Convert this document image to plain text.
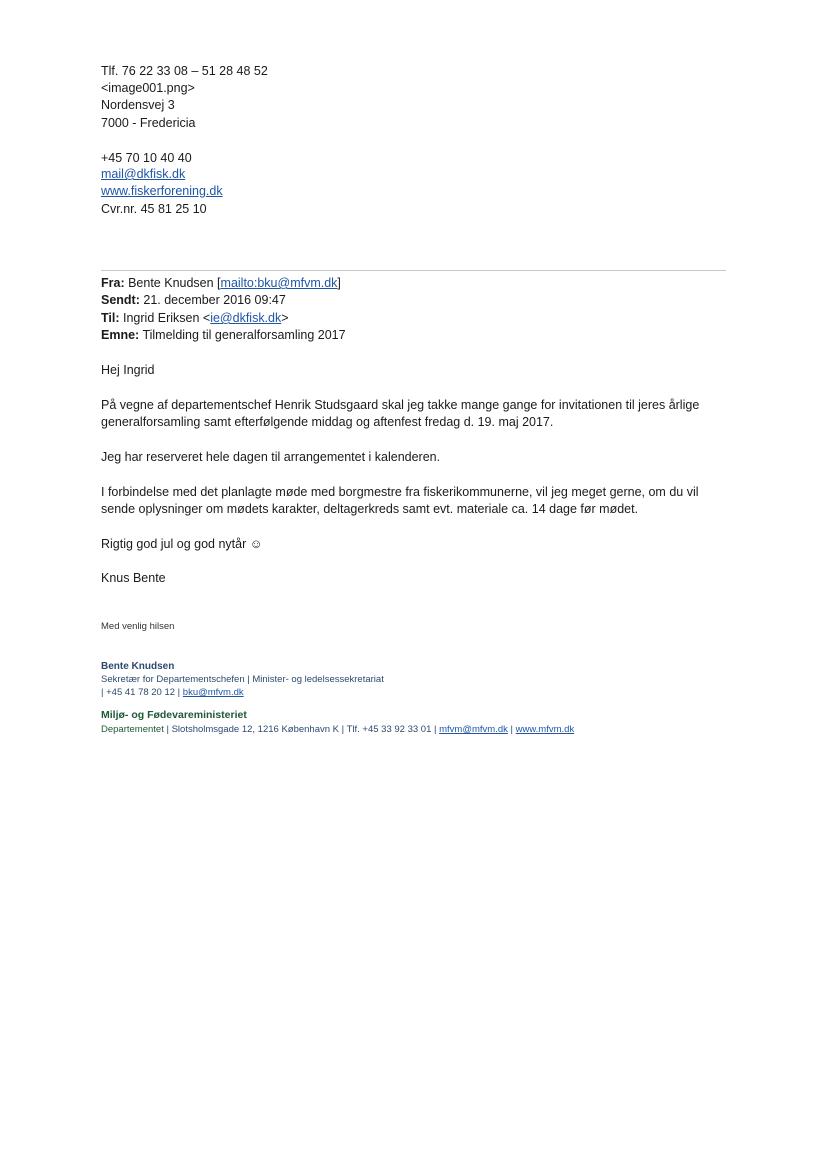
Tlf. 76 22 33 08 – 51 28 48 52
<image001.png>
Nordensvej 3
7000 - Fredericia
+45 70 10 40 40
mail@dkfisk.dk
www.fiskerforening.dk
Cvr.nr. 45 81 25 10
Fra: Bente Knudsen [mailto:bku@mfvm.dk]
Sendt: 21. december 2016 09:47
Til: Ingrid Eriksen <ie@dkfisk.dk>
Emne: Tilmelding til generalforsamling 2017
Hej Ingrid
På vegne af departementschef Henrik Studsgaard skal jeg takke mange gange for invitationen til jeres årlige
generalforsamling samt efterfølgende middag og aftenfest fredag d. 19. maj 2017.
Jeg har reserveret hele dagen til arrangementet i kalenderen.
I forbindelse med det planlagte møde med borgmestre fra fiskerikommunerne, vil jeg meget gerne, om du vil
sende oplysninger om mødets karakter, deltagerkreds samt evt. materiale ca. 14 dage før mødet.
Rigtig god jul og god nytår ☺
Knus Bente
Med venlig hilsen
Bente Knudsen
Sekretær for Departementschefen | Minister- og ledelsessekretariat
| +45 41 78 20 12 | bku@mfvm.dk
Miljø- og Fødevareministeriet
Departementet | Slotsholmsgade 12, 1216 København K | Tlf. +45 33 92 33 01 | mfvm@mfvm.dk | www.mfvm.dk
